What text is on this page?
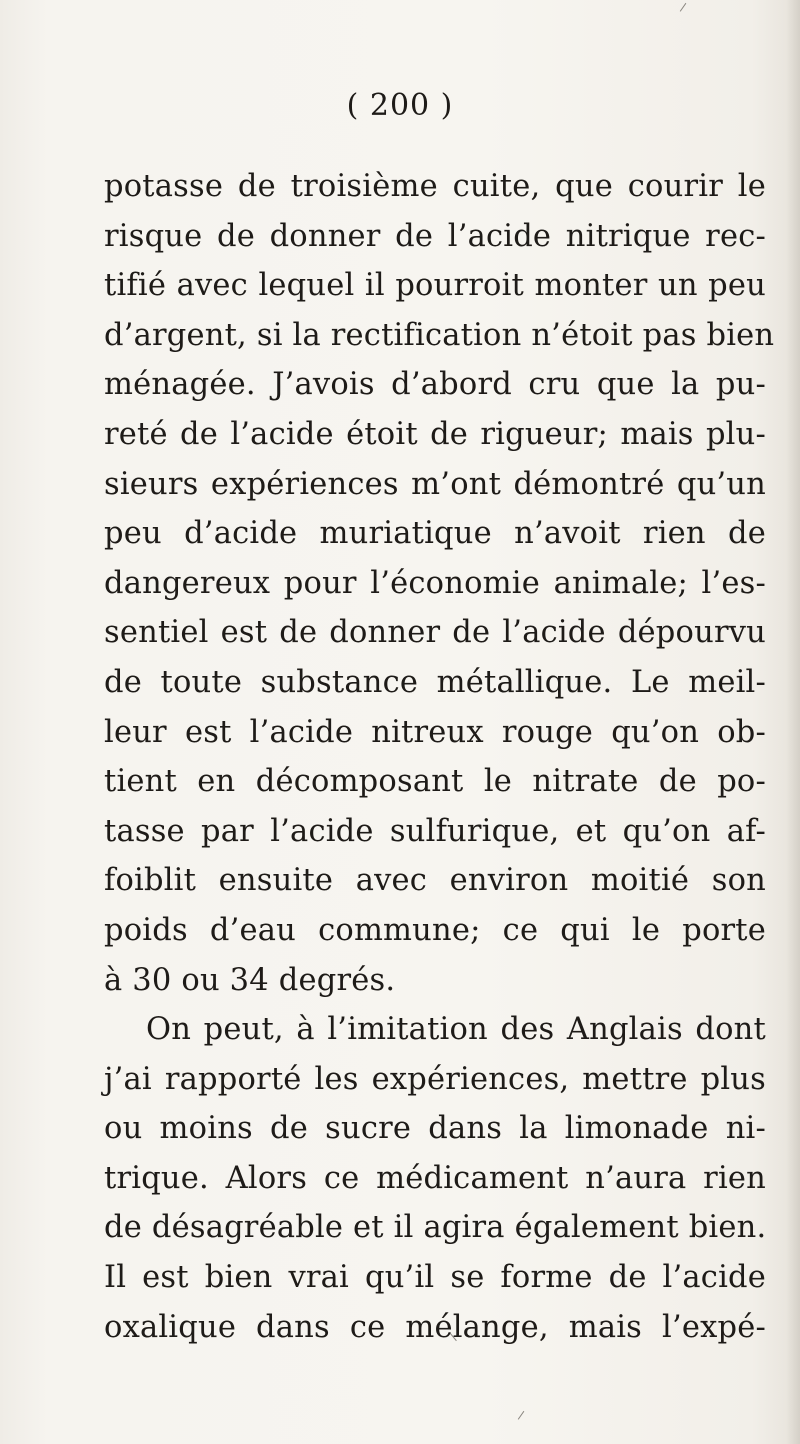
( 200 )
potasse de troisième cuite, que courir le
risque de donner de l’acide nitrique rec-
tifié avec lequel il pourroit monter un peu
d’argent, si la rectification n’étoit pas bien
ménagée. J’avois d’abord cru que la pu-
reté de l’acide étoit de rigueur; mais plu-
sieurs expériences m’ont démontré qu’un
peu d’acide muriatique n’avoit rien de
dangereux pour l’économie animale; l’es-
sentiel est de donner de l’acide dépourvu
de toute substance métallique. Le meil-
leur est l’acide nitreux rouge qu’on ob-
tient en décomposant le nitrate de po-
tasse par l’acide sulfurique, et qu’on af-
foiblit ensuite avec environ moitié son
poids d’eau commune; ce qui le porte
à 30 ou 34 degrés.
On peut, à l’imitation des Anglais dont
j’ai rapporté les expériences, mettre plus
ou moins de sucre dans la limonade ni-
trique. Alors ce médicament n’aura rien
de désagréable et il agira également bien.
Il est bien vrai qu’il se forme de l’acide
oxalique dans ce mélange, mais l’expé-
